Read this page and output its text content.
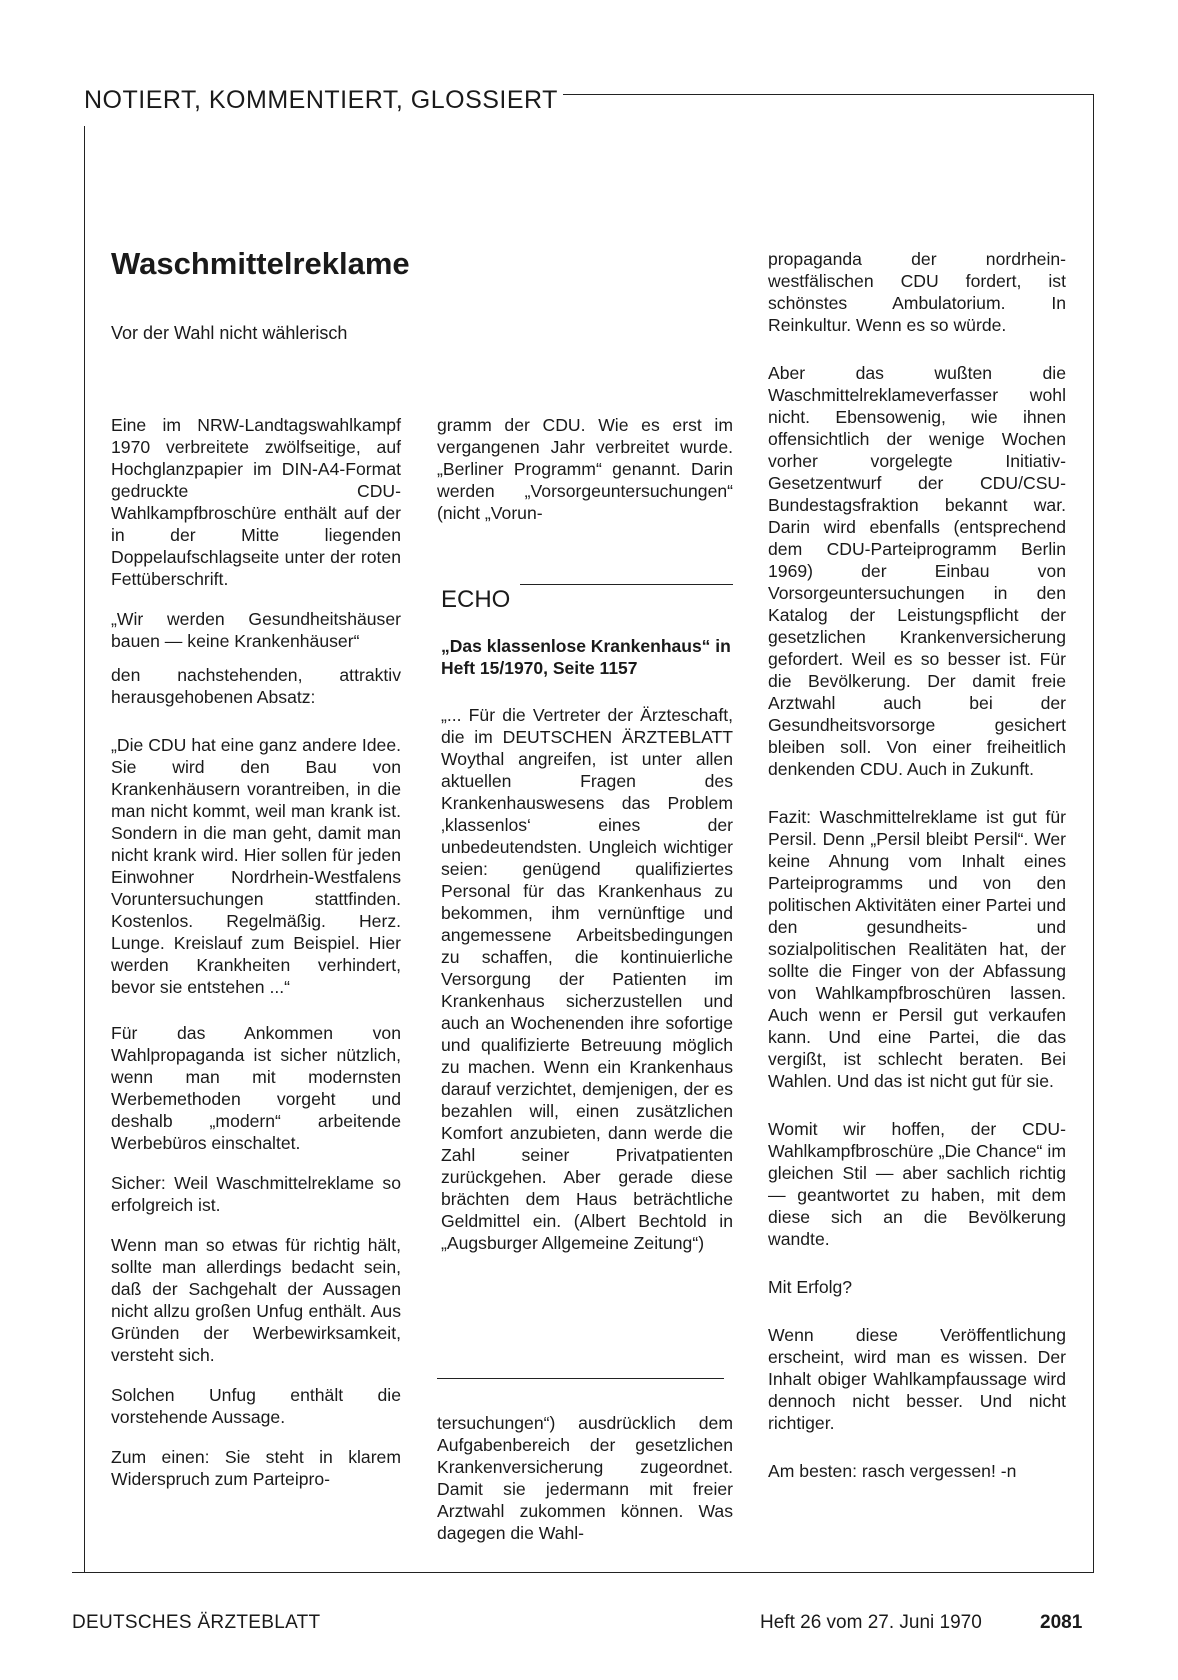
NOTIERT, KOMMENTIERT, GLOSSIERT
Waschmittelreklame
Vor der Wahl nicht wählerisch

Eine im NRW-Landtagswahlkampf 1970 verbreitete zwölfseitige, auf Hochglanzpapier im DIN-A4-Format gedruckte CDU-Wahlkampfbroschüre enthält auf der in der Mitte liegenden Doppelaufschlagseite unter der roten Fettüberschrift.

„Wir werden Gesundheitshäuser bauen — keine Krankenhäuser“

den nachstehenden, attraktiv herausgehobenen Absatz:

„Die CDU hat eine ganz andere Idee. Sie wird den Bau von Krankenhäusern vorantreiben, in die man nicht kommt, weil man krank ist. Sondern in die man geht, damit man nicht krank wird. Hier sollen für jeden Einwohner Nordrhein-Westfalens Voruntersuchungen stattfinden. Kostenlos. Regelmäßig. Herz. Lunge. Kreislauf zum Beispiel. Hier werden Krankheiten verhindert, bevor sie entstehen ...“

Für das Ankommen von Wahlpropaganda ist sicher nützlich, wenn man mit modernsten Werbemethoden vorgeht und deshalb „modern“ arbeitende Werbebüros einschaltet.

Sicher: Weil Waschmittelreklame so erfolgreich ist.

Wenn man so etwas für richtig hält, sollte man allerdings bedacht sein, daß der Sachgehalt der Aussagen nicht allzu großen Unfug enthält. Aus Gründen der Werbewirksamkeit, versteht sich.

Solchen Unfug enthält die vorstehende Aussage.

Zum einen: Sie steht in klarem Widerspruch zum Parteipro-

gramm der CDU. Wie es erst im vergangenen Jahr verbreitet wurde. „Berliner Programm“ genannt. Darin werden „Vorsorgeuntersuchungen“ (nicht „Vorun-

ECHO
„Das klassenlose Krankenhaus“ in Heft 15/1970, Seite 1157

„... Für die Vertreter der Ärzteschaft, die im DEUTSCHEN ÄRZTEBLATT Woythal angreifen, ist unter allen aktuellen Fragen des Krankenhauswesens das Problem ‚klassenlos‘ eines der unbedeutendsten. Ungleich wichtiger seien: genügend qualifiziertes Personal für das Krankenhaus zu bekommen, ihm vernünftige und angemessene Arbeitsbedingungen zu schaffen, die kontinuierliche Versorgung der Patienten im Krankenhaus sicherzustellen und auch an Wochenenden ihre sofortige und qualifizierte Betreuung möglich zu machen. Wenn ein Krankenhaus darauf verzichtet, demjenigen, der es bezahlen will, einen zusätzlichen Komfort anzubieten, dann werde die Zahl seiner Privatpatienten zurückgehen. Aber gerade diese brächten dem Haus beträchtliche Geldmittel ein. (Albert Bechtold in „Augsburger Allgemeine Zeitung“)

tersuchungen“) ausdrücklich dem Aufgabenbereich der gesetzlichen Krankenversicherung zugeordnet. Damit sie jedermann mit freier Arztwahl zukommen können. Was dagegen die Wahl-

propaganda der nordrhein-westfälischen CDU fordert, ist schönstes Ambulatorium. In Reinkultur. Wenn es so würde.

Aber das wußten die Waschmittelreklameverfasser wohl nicht. Ebensowenig, wie ihnen offensichtlich der wenige Wochen vorher vorgelegte Initiativ-Gesetzentwurf der CDU/CSU-Bundestagsfraktion bekannt war. Darin wird ebenfalls (entsprechend dem CDU-Parteiprogramm Berlin 1969) der Einbau von Vorsorgeuntersuchungen in den Katalog der Leistungspflicht der gesetzlichen Krankenversicherung gefordert. Weil es so besser ist. Für die Bevölkerung. Der damit freie Arztwahl auch bei der Gesundheitsvorsorge gesichert bleiben soll. Von einer freiheitlich denkenden CDU. Auch in Zukunft.

Fazit: Waschmittelreklame ist gut für Persil. Denn „Persil bleibt Persil“. Wer keine Ahnung vom Inhalt eines Parteiprogramms und von den politischen Aktivitäten einer Partei und den gesundheits- und sozialpolitischen Realitäten hat, der sollte die Finger von der Abfassung von Wahlkampfbroschüren lassen. Auch wenn er Persil gut verkaufen kann. Und eine Partei, die das vergißt, ist schlecht beraten. Bei Wahlen. Und das ist nicht gut für sie.

Womit wir hoffen, der CDU-Wahlkampfbroschüre „Die Chance“ im gleichen Stil — aber sachlich richtig — geantwortet zu haben, mit dem diese sich an die Bevölkerung wandte.

Mit Erfolg?

Wenn diese Veröffentlichung erscheint, wird man es wissen. Der Inhalt obiger Wahlkampfaussage wird dennoch nicht besser. Und nicht richtiger.

Am besten: rasch vergessen! -n

DEUTSCHES ÄRZTEBLATT	Heft 26 vom 27. Juni 1970	2081
